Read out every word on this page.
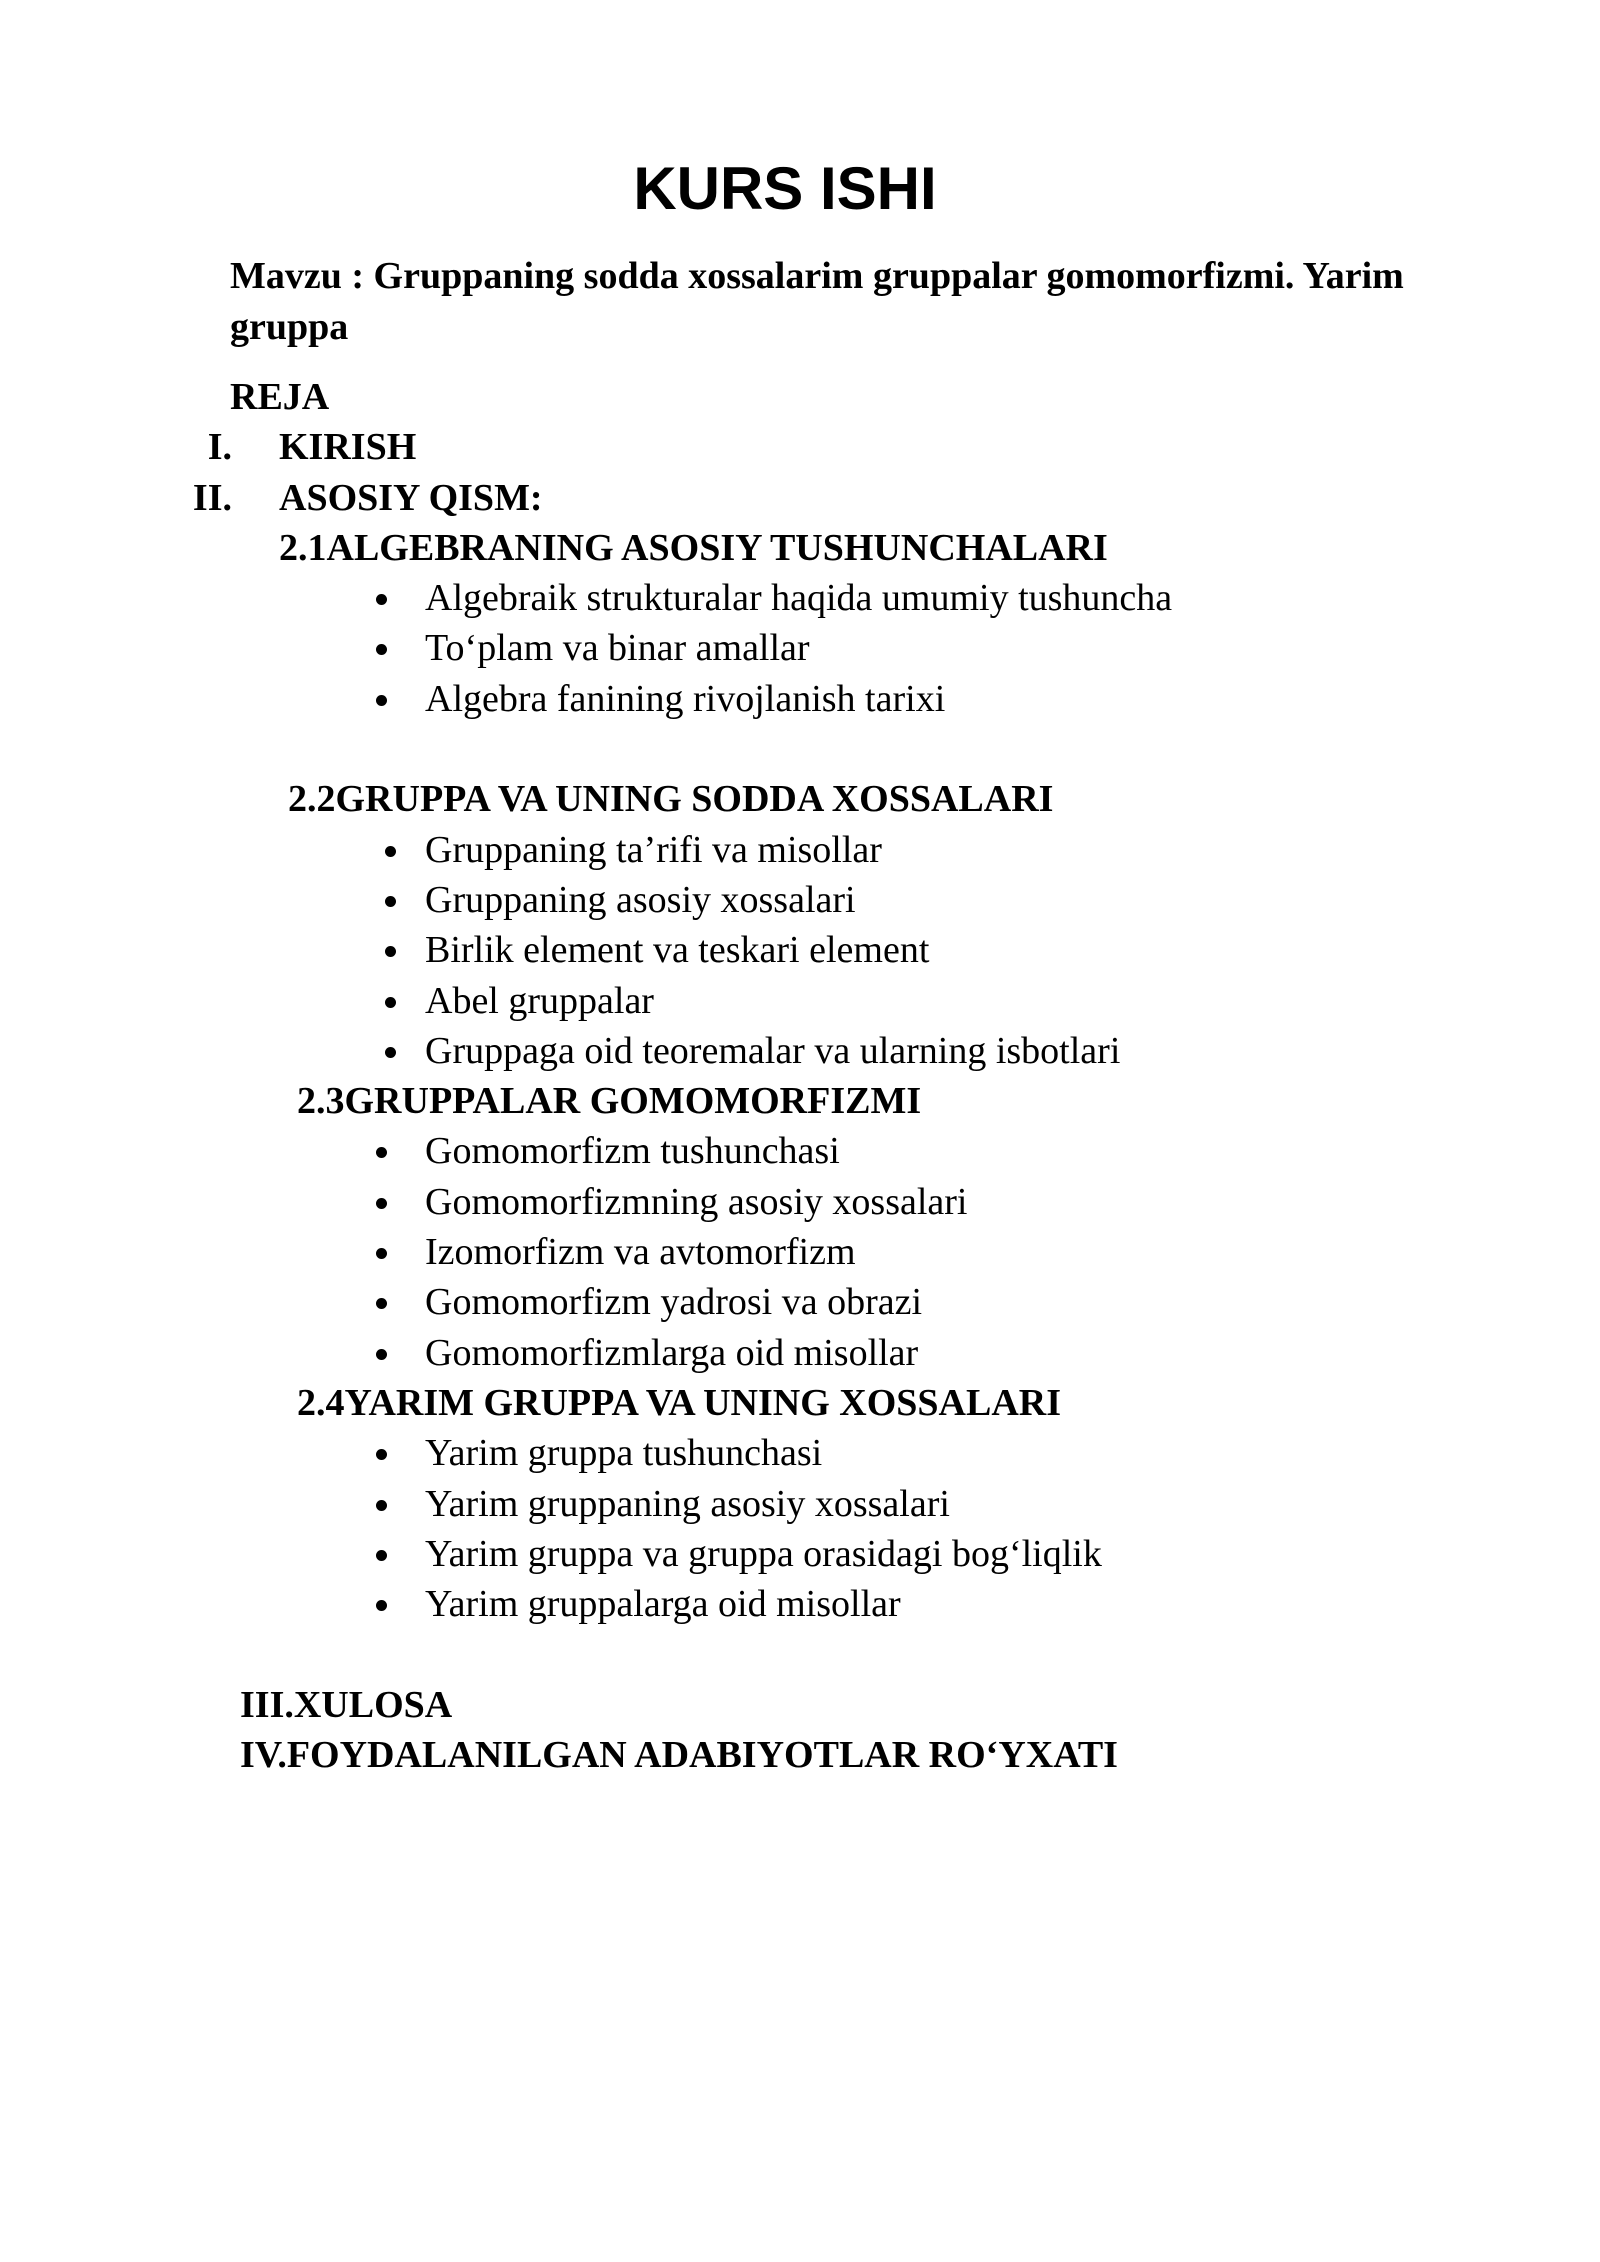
KURS ISHI

Mavzu : Gruppaning sodda xossalarim gruppalar gomomorfizmi. Yarim gruppa

REJA
I. KIRISH
II. ASOSIY QISM:
2.1ALGEBRANING ASOSIY TUSHUNCHALARI
Algebraik strukturalar haqida umumiy tushuncha
To‘plam va binar amallar
Algebra fanining rivojlanish tarixi
2.2GRUPPA VA UNING SODDA XOSSALARI
Gruppaning ta’rifi va misollar
Gruppaning asosiy xossalari
Birlik element va teskari element
Abel gruppalar
Gruppaga oid teoremalar va ularning isbotlari
2.3GRUPPALAR GOMOMORFIZMI
Gomomorfizm tushunchasi
Gomomorfizmning asosiy xossalari
Izomorfizm va avtomorfizm
Gomomorfizm yadrosi va obrazi
Gomomorfizmlarga oid misollar
2.4YARIM GRUPPA VA UNING XOSSALARI
Yarim gruppa tushunchasi
Yarim gruppaning asosiy xossalari
Yarim gruppa va gruppa orasidagi bog‘liqlik
Yarim gruppalarga oid misollar
III.XULOSA
IV.FOYDALANILGAN ADABIYOTLAR RO‘YXATI
